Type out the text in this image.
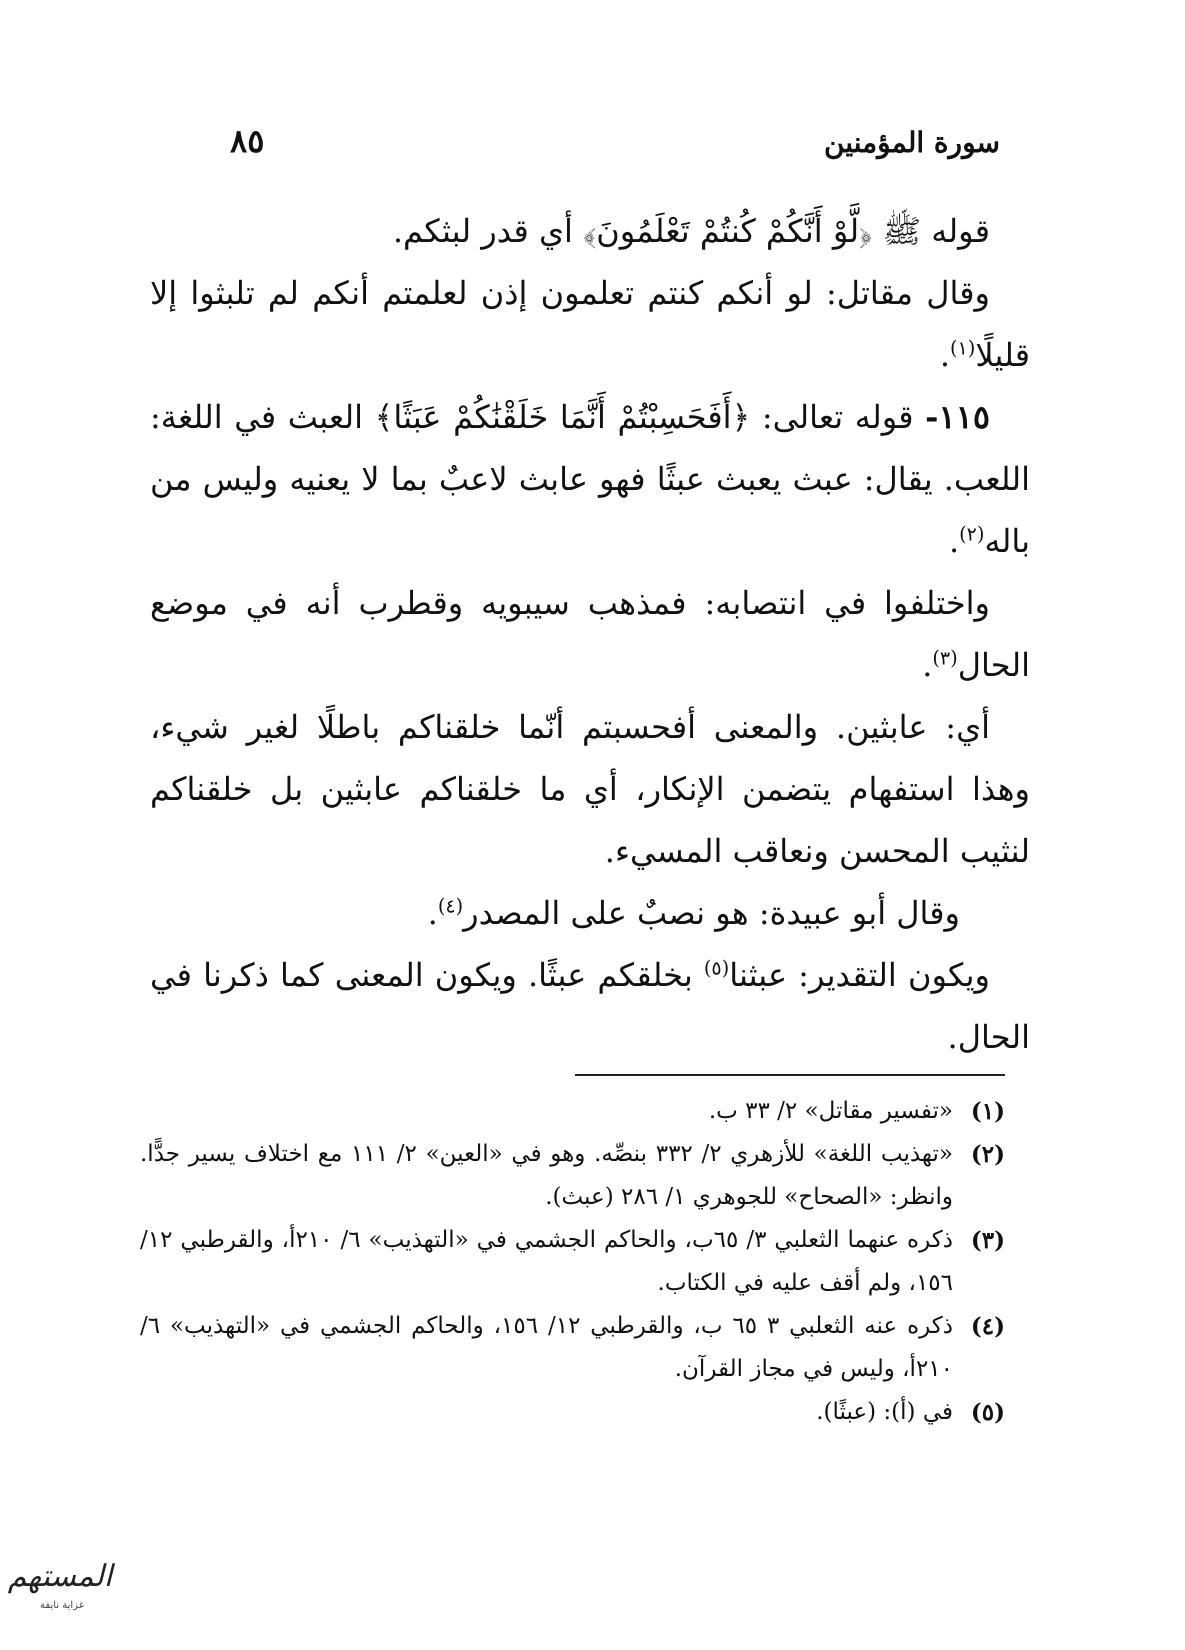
سورة المؤمنين
٨٥

قوله ﷺ ﴿لَّوْ أَنَّكُمْ كُنتُمْ تَعْلَمُونَ﴾ أي قدر لبثكم.

وقال مقاتل: لو أنكم كنتم تعلمون إذن لعلمتم أنكم لم تلبثوا إلا قليلًا$^{(١)}$.

١١٥- قوله تعالى: ﴿أَفَحَسِبْتُمْ أَنَّمَا خَلَقْنَٰكُمْ عَبَثًا﴾ العبث في اللغة: اللعب. يقال: عبث يعبث عبثًا فهو عابث لاعبٌ بما لا يعنيه وليس من باله$^{(٢)}$.

واختلفوا في انتصابه: فمذهب سيبويه وقطرب أنه في موضع الحال$^{(٣)}$.

أي: عابثين. والمعنى أفحسبتم أنّما خلقناكم باطلًا لغير شيء، وهذا استفهام يتضمن الإنكار، أي ما خلقناكم عابثين بل خلقناكم لنثيب المحسن ونعاقب المسيء.

وقال أبو عبيدة: هو نصبٌ على المصدر$^{(٤)}$.

ويكون التقدير: عبثنا$^{(٥)}$ بخلقكم عبثًا. ويكون المعنى كما ذكرنا في الحال.

(١)
«تفسير مقاتل» ٢/ ٣٣ ب.

(٢)
«تهذيب اللغة» للأزهري ٢/ ٣٣٢ بنصِّه. وهو في «العين» ٢/ ١١١ مع اختلاف يسير جدًّا. وانظر: «الصحاح» للجوهري ١/ ٢٨٦ (عبث).

(٣)
ذكره عنهما الثعلبي ٣/ ٦٥ب، والحاكم الجشمي في «التهذيب» ٦/ ٢١٠أ، والقرطبي ١٢/ ١٥٦، ولم أقف عليه في الكتاب.

(٤)
ذكره عنه الثعلبي ٣ ٦٥ ب، والقرطبي ١٢/ ١٥٦، والحاكم الجشمي في «التهذيب» ٦/ ٢١٠أ، وليس في مجاز القرآن.

(٥)
في (أ): (عبثًا).

المستهم
غزاية نايفة
